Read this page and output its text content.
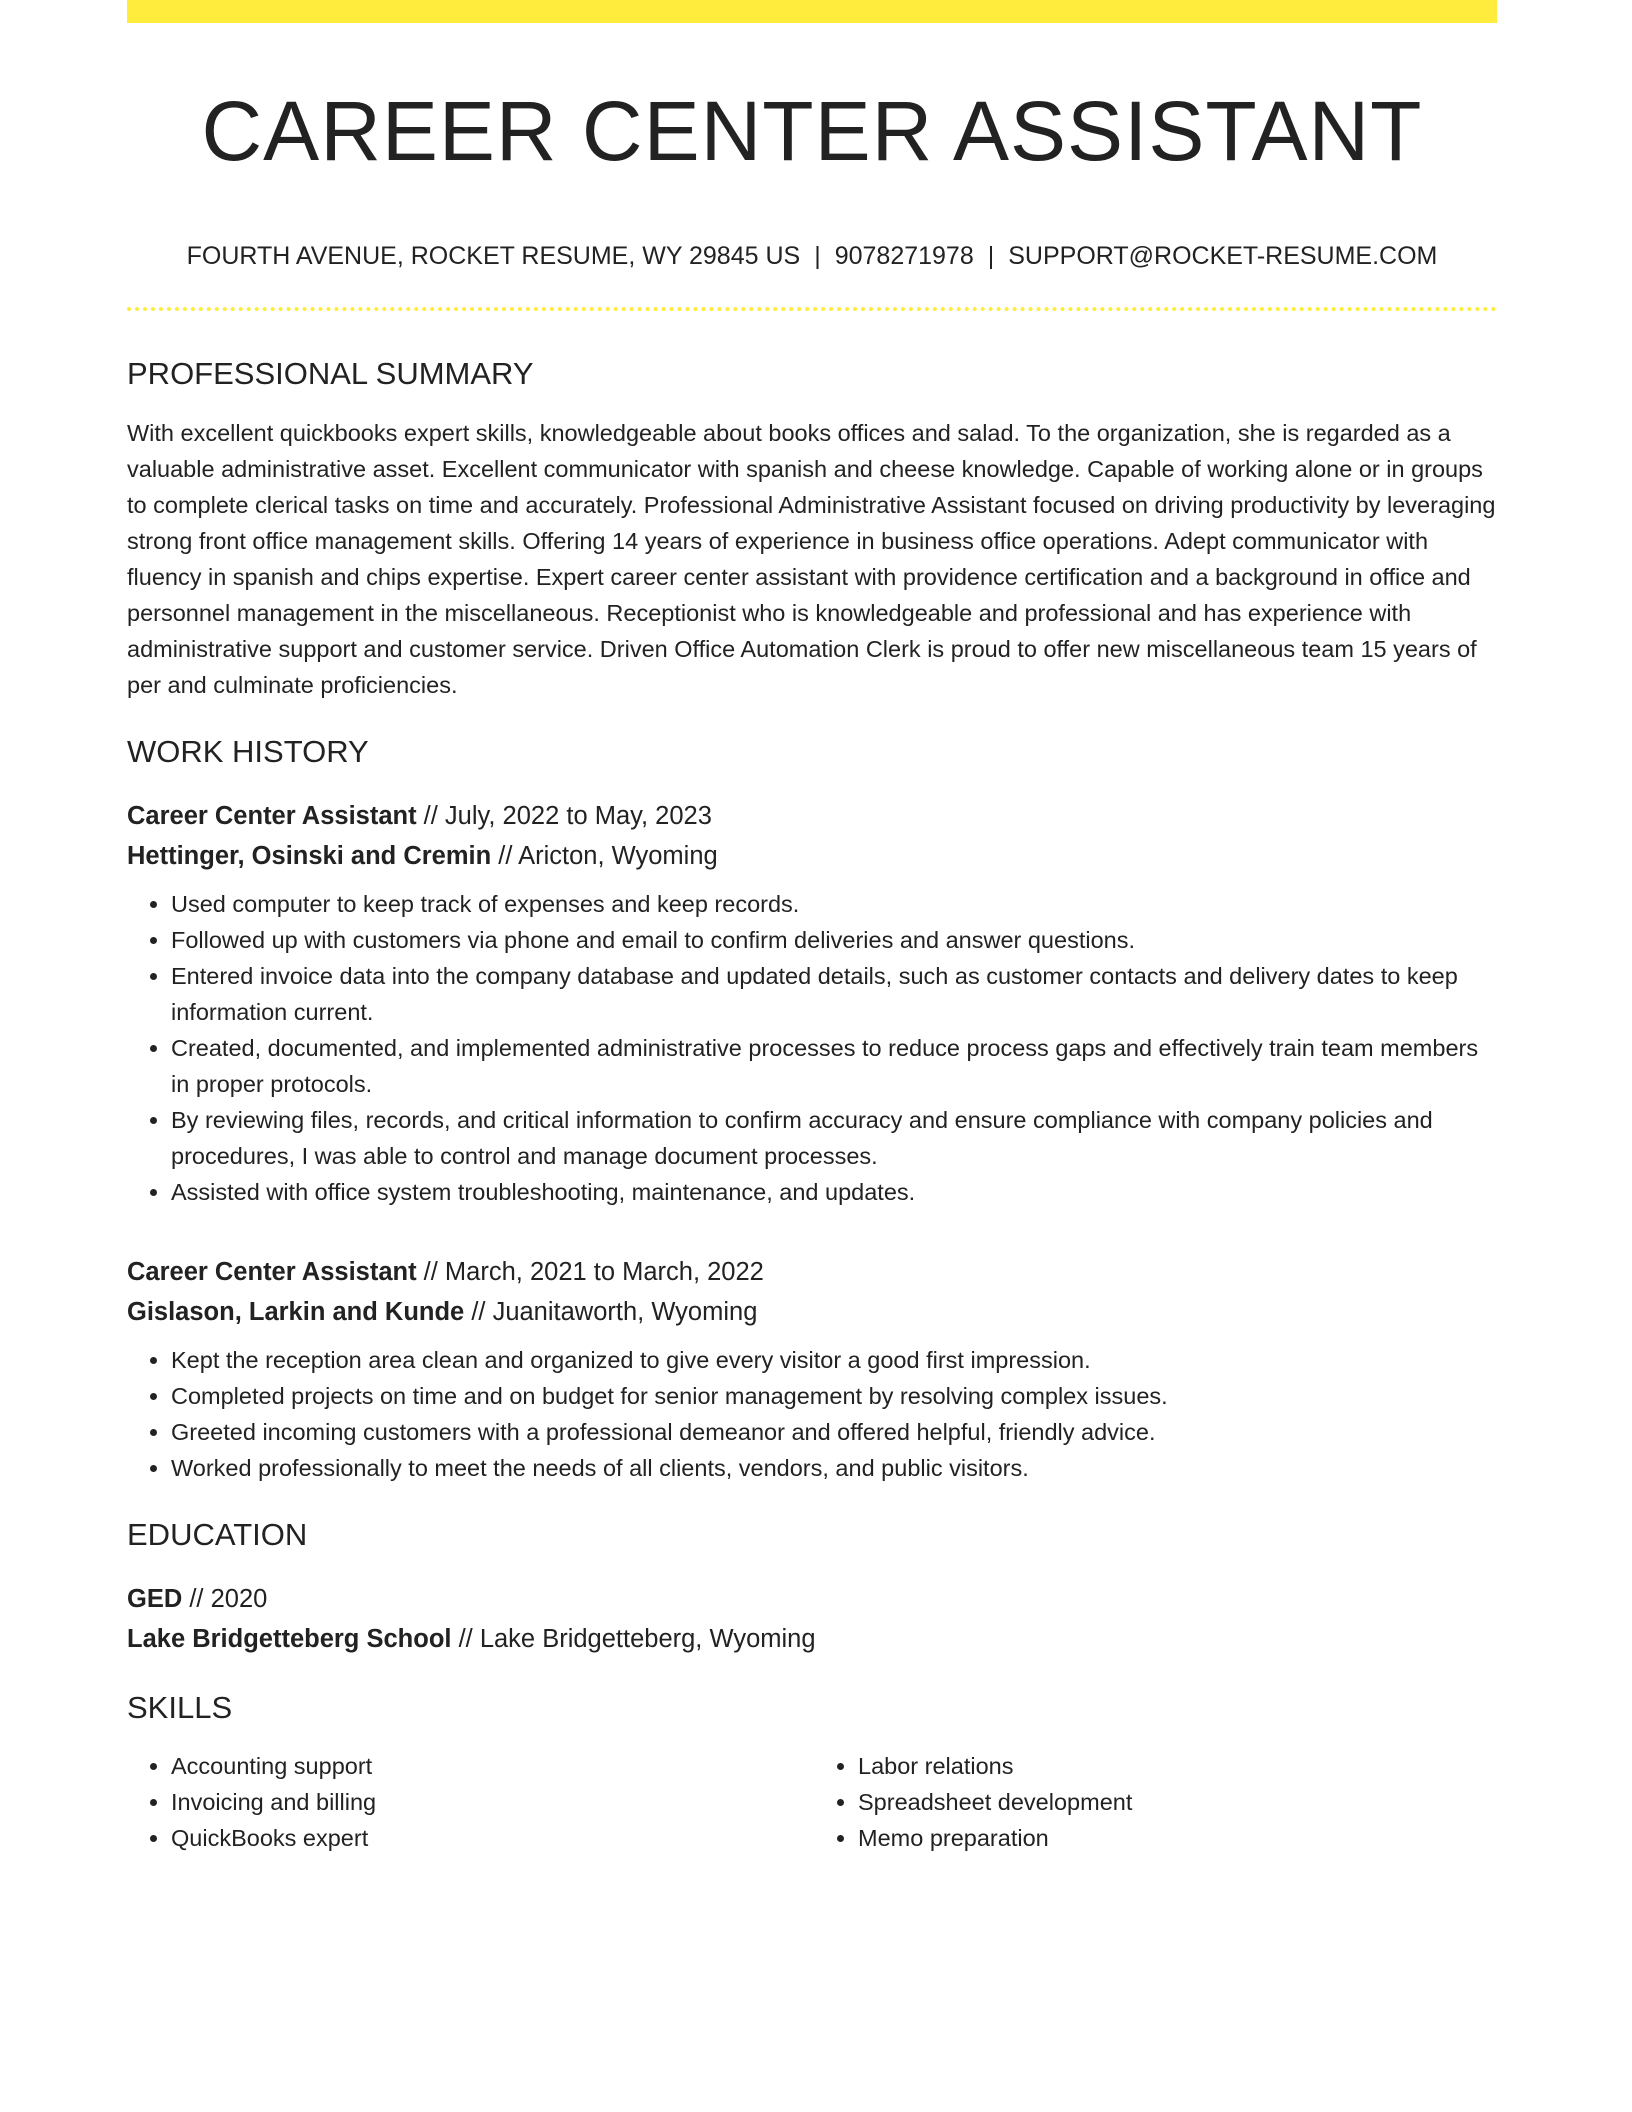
CAREER CENTER ASSISTANT
FOURTH AVENUE, ROCKET RESUME, WY 29845 US | 9078271978 | SUPPORT@ROCKET-RESUME.COM
PROFESSIONAL SUMMARY

With excellent quickbooks expert skills, knowledgeable about books offices and salad. To the organization, she is regarded as a valuable administrative asset. Excellent communicator with spanish and cheese knowledge. Capable of working alone or in groups to complete clerical tasks on time and accurately. Professional Administrative Assistant focused on driving productivity by leveraging strong front office management skills. Offering 14 years of experience in business office operations. Adept communicator with fluency in spanish and chips expertise. Expert career center assistant with providence certification and a background in office and personnel management in the miscellaneous. Receptionist who is knowledgeable and professional and has experience with administrative support and customer service. Driven Office Automation Clerk is proud to offer new miscellaneous team 15 years of per and culminate proficiencies.

WORK HISTORY
Career Center Assistant // July, 2022 to May, 2023
Hettinger, Osinski and Cremin // Aricton, Wyoming
• Used computer to keep track of expenses and keep records.
• Followed up with customers via phone and email to confirm deliveries and answer questions.
• Entered invoice data into the company database and updated details, such as customer contacts and delivery dates to keep information current.
• Created, documented, and implemented administrative processes to reduce process gaps and effectively train team members in proper protocols.
• By reviewing files, records, and critical information to confirm accuracy and ensure compliance with company policies and procedures, I was able to control and manage document processes.
• Assisted with office system troubleshooting, maintenance, and updates.
Career Center Assistant // March, 2021 to March, 2022
Gislason, Larkin and Kunde // Juanitaworth, Wyoming
• Kept the reception area clean and organized to give every visitor a good first impression.
• Completed projects on time and on budget for senior management by resolving complex issues.
• Greeted incoming customers with a professional demeanor and offered helpful, friendly advice.
• Worked professionally to meet the needs of all clients, vendors, and public visitors.
EDUCATION
GED // 2020
Lake Bridgetteberg School // Lake Bridgetteberg, Wyoming
SKILLS
• Accounting support
• Invoicing and billing
• QuickBooks expert
• Labor relations
• Spreadsheet development
• Memo preparation
